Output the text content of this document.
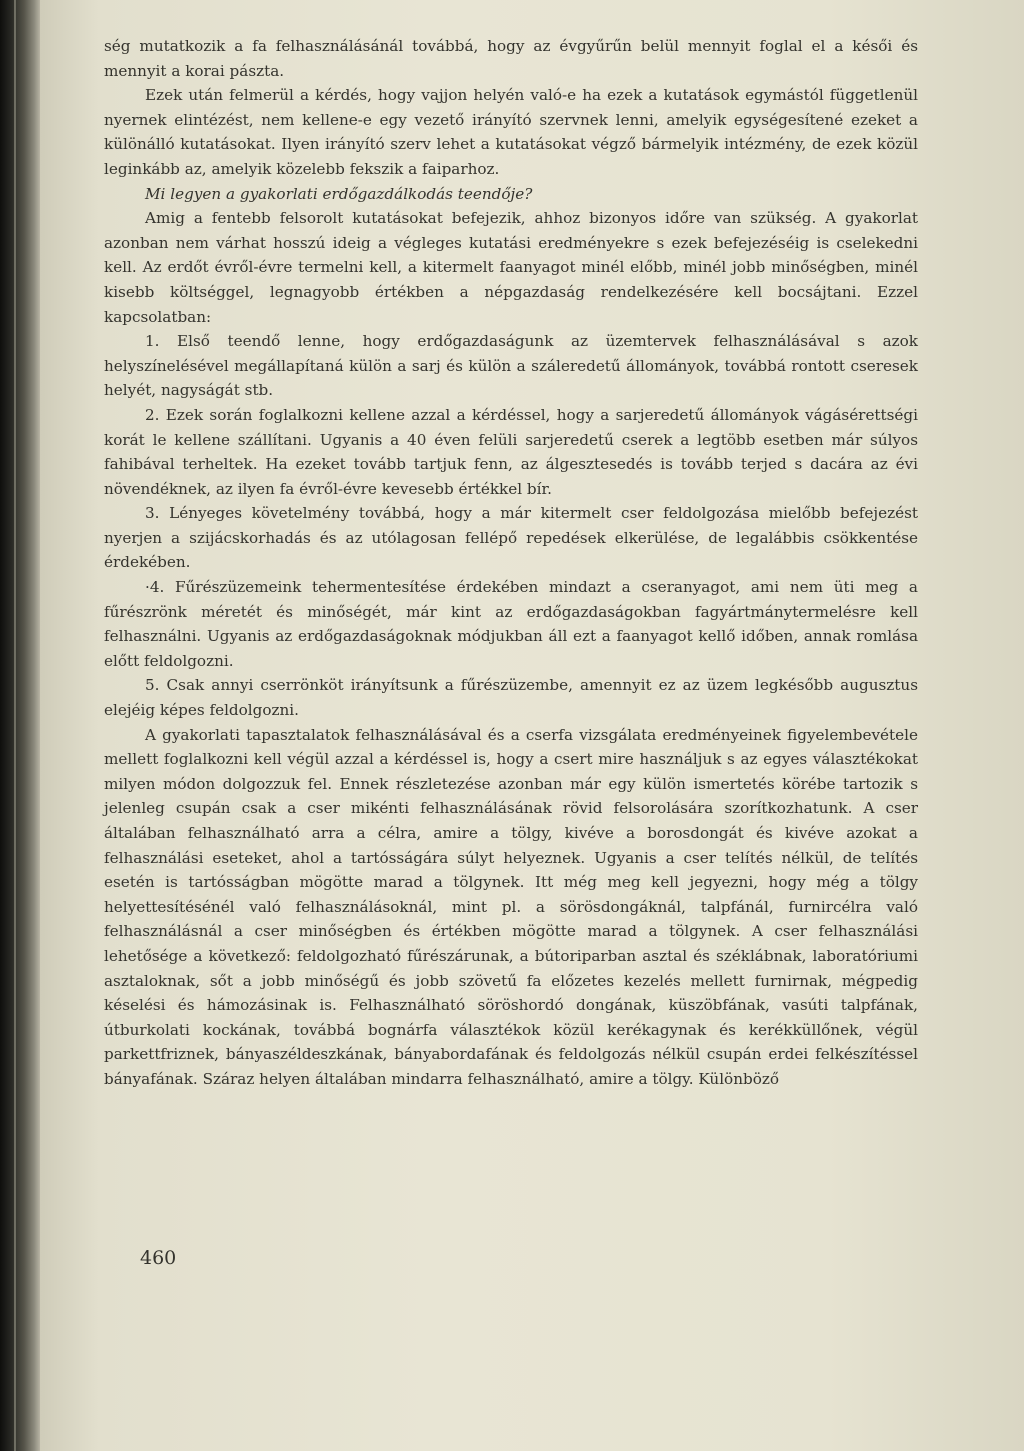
ség mutatkozik a fa felhasználásánál továbbá, hogy az évgyűrűn belül mennyit foglal el a késői és mennyit a korai pászta.

Ezek után felmerül a kérdés, hogy vajjon helyén való-e ha ezek a kutatások egymástól függetlenül nyernek elintézést, nem kellene-e egy vezető irányító szervnek lenni, amelyik egységesítené ezeket a különálló kutatásokat. Ilyen irányító szerv lehet a kutatásokat végző bármelyik intézmény, de ezek közül leginkább az, amelyik közelebb fekszik a faiparhoz.

Mi legyen a gyakorlati erdőgazdálkodás teendője?

Amig a fentebb felsorolt kutatásokat befejezik, ahhoz bizonyos időre van szükség. A gyakorlat azonban nem várhat hosszú ideig a végleges kutatási eredményekre s ezek befejezéséig is cselekedni kell. Az erdőt évről-évre termelni kell, a kitermelt faanyagot minél előbb, minél jobb minőségben, minél kisebb költséggel, legnagyobb értékben a népgazdaság rendelkezésére kell bocsájtani. Ezzel kapcsolatban:

1. Első teendő lenne, hogy erdőgazdaságunk az üzemtervek felhasználásával s azok helyszínelésével megállapítaná külön a sarj és külön a száleredetű állományok, továbbá rontott cseresek helyét, nagyságát stb.

2. Ezek során foglalkozni kellene azzal a kérdéssel, hogy a sarjeredetű állományok vágásérettségi korát le kellene szállítani. Ugyanis a 40 éven felüli sarjeredetű cserek a legtöbb esetben már súlyos fahibával terheltek. Ha ezeket tovább tartjuk fenn, az álgesztesedés is tovább terjed s dacára az évi növendéknek, az ilyen fa évről-évre kevesebb értékkel bír.

3. Lényeges követelmény továbbá, hogy a már kitermelt cser feldolgozása mielőbb befejezést nyerjen a szijácskorhadás és az utólagosan fellépő repedések elkerülése, de legalábbis csökkentése érdekében.

·4. Fűrészüzemeink tehermentesítése érdekében mindazt a cseranyagot, ami nem üti meg a fűrészrönk méretét és minőségét, már kint az erdőgazdaságokban fagyártmánytermelésre kell felhasználni. Ugyanis az erdőgazdaságoknak módjukban áll ezt a faanyagot kellő időben, annak romlása előtt feldolgozni.

5. Csak annyi cserrönköt irányítsunk a fűrészüzembe, amennyit ez az üzem legkésőbb augusztus elejéig képes feldolgozni.

A gyakorlati tapasztalatok felhasználásával és a cserfa vizsgálata eredményeinek figyelembevétele mellett foglalkozni kell végül azzal a kérdéssel is, hogy a csert mire használjuk s az egyes választékokat milyen módon dolgozzuk fel. Ennek részletezése azonban már egy külön ismertetés körébe tartozik s jelenleg csupán csak a cser mikénti felhasználásának rövid felsorolására szorítkozhatunk. A cser általában felhasználható arra a célra, amire a tölgy, kivéve a borosdongát és kivéve azokat a felhasználási eseteket, ahol a tartósságára súlyt helyeznek. Ugyanis a cser telítés nélkül, de telítés esetén is tartósságban mögötte marad a tölgynek. Itt még meg kell jegyezni, hogy még a tölgy helyettesítésénél való felhasználásoknál, mint pl. a sörösdongáknál, talpfánál, furnircélra való felhasználásnál a cser minőségben és értékben mögötte marad a tölgynek. A cser felhasználási lehetősége a következő: feldolgozható fűrészárunak, a bútoriparban asztal és széklábnak, laboratóriumi asztaloknak, sőt a jobb minőségű és jobb szövetű fa előzetes kezelés mellett furnirnak, mégpedig késelési és hámozásinak is. Felhasználható söröshordó dongának, küszöbfának, vasúti talpfának, útburkolati kockának, továbbá bognárfa választékok közül kerékagynak és kerékküllőnek, végül parkettfriznek, bányaszéldeszkának, bányabordafának és feldolgozás nélkül csupán erdei felkészítéssel bányafának. Száraz helyen általában mindarra felhasználható, amire a tölgy. Különböző

460
